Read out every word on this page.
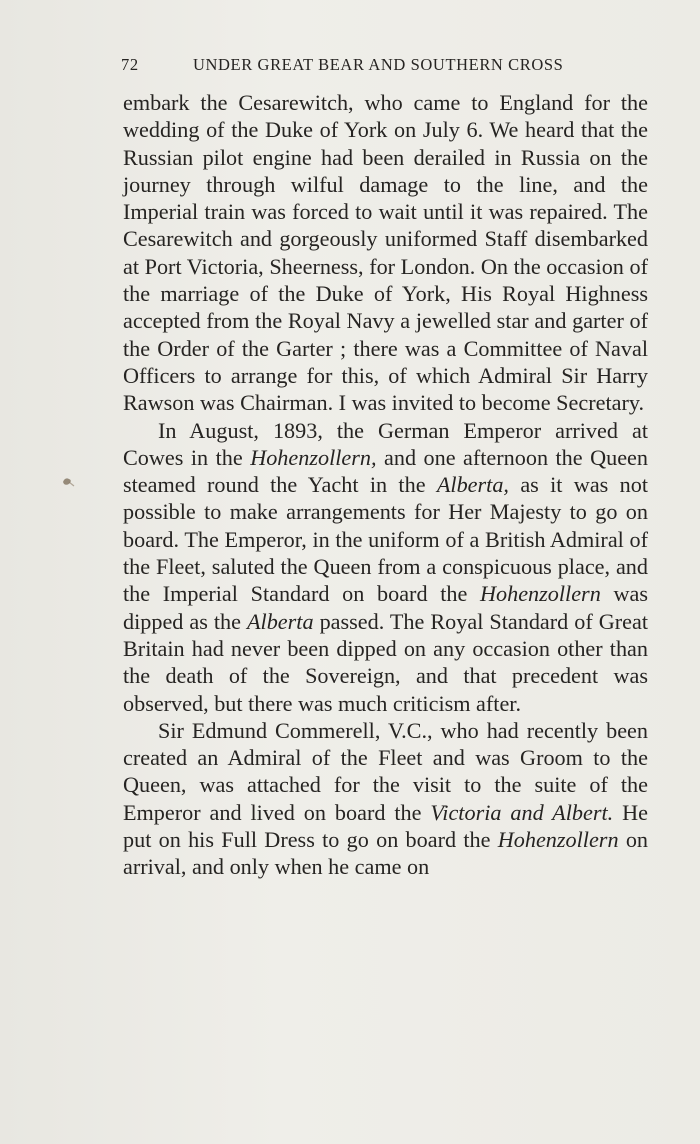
72	UNDER GREAT BEAR AND SOUTHERN CROSS

embark the Cesarewitch, who came to England for the wedding of the Duke of York on July 6. We heard that the Russian pilot engine had been derailed in Russia on the journey through wilful damage to the line, and the Imperial train was forced to wait until it was repaired. The Cesarewitch and gorgeously uniformed Staff disembarked at Port Victoria, Sheerness, for London. On the occasion of the marriage of the Duke of York, His Royal Highness accepted from the Royal Navy a jewelled star and garter of the Order of the Garter ; there was a Committee of Naval Officers to arrange for this, of which Admiral Sir Harry Rawson was Chairman. I was invited to become Secretary.

In August, 1893, the German Emperor arrived at Cowes in the Hohenzollern, and one afternoon the Queen steamed round the Yacht in the Alberta, as it was not possible to make arrangements for Her Majesty to go on board. The Emperor, in the uniform of a British Admiral of the Fleet, saluted the Queen from a conspicuous place, and the Imperial Standard on board the Hohenzollern was dipped as the Alberta passed. The Royal Standard of Great Britain had never been dipped on any occasion other than the death of the Sovereign, and that precedent was observed, but there was much criticism after.

Sir Edmund Commerell, V.C., who had recently been created an Admiral of the Fleet and was Groom to the Queen, was attached for the visit to the suite of the Emperor and lived on board the Victoria and Albert. He put on his Full Dress to go on board the Hohenzollern on arrival, and only when he came on
